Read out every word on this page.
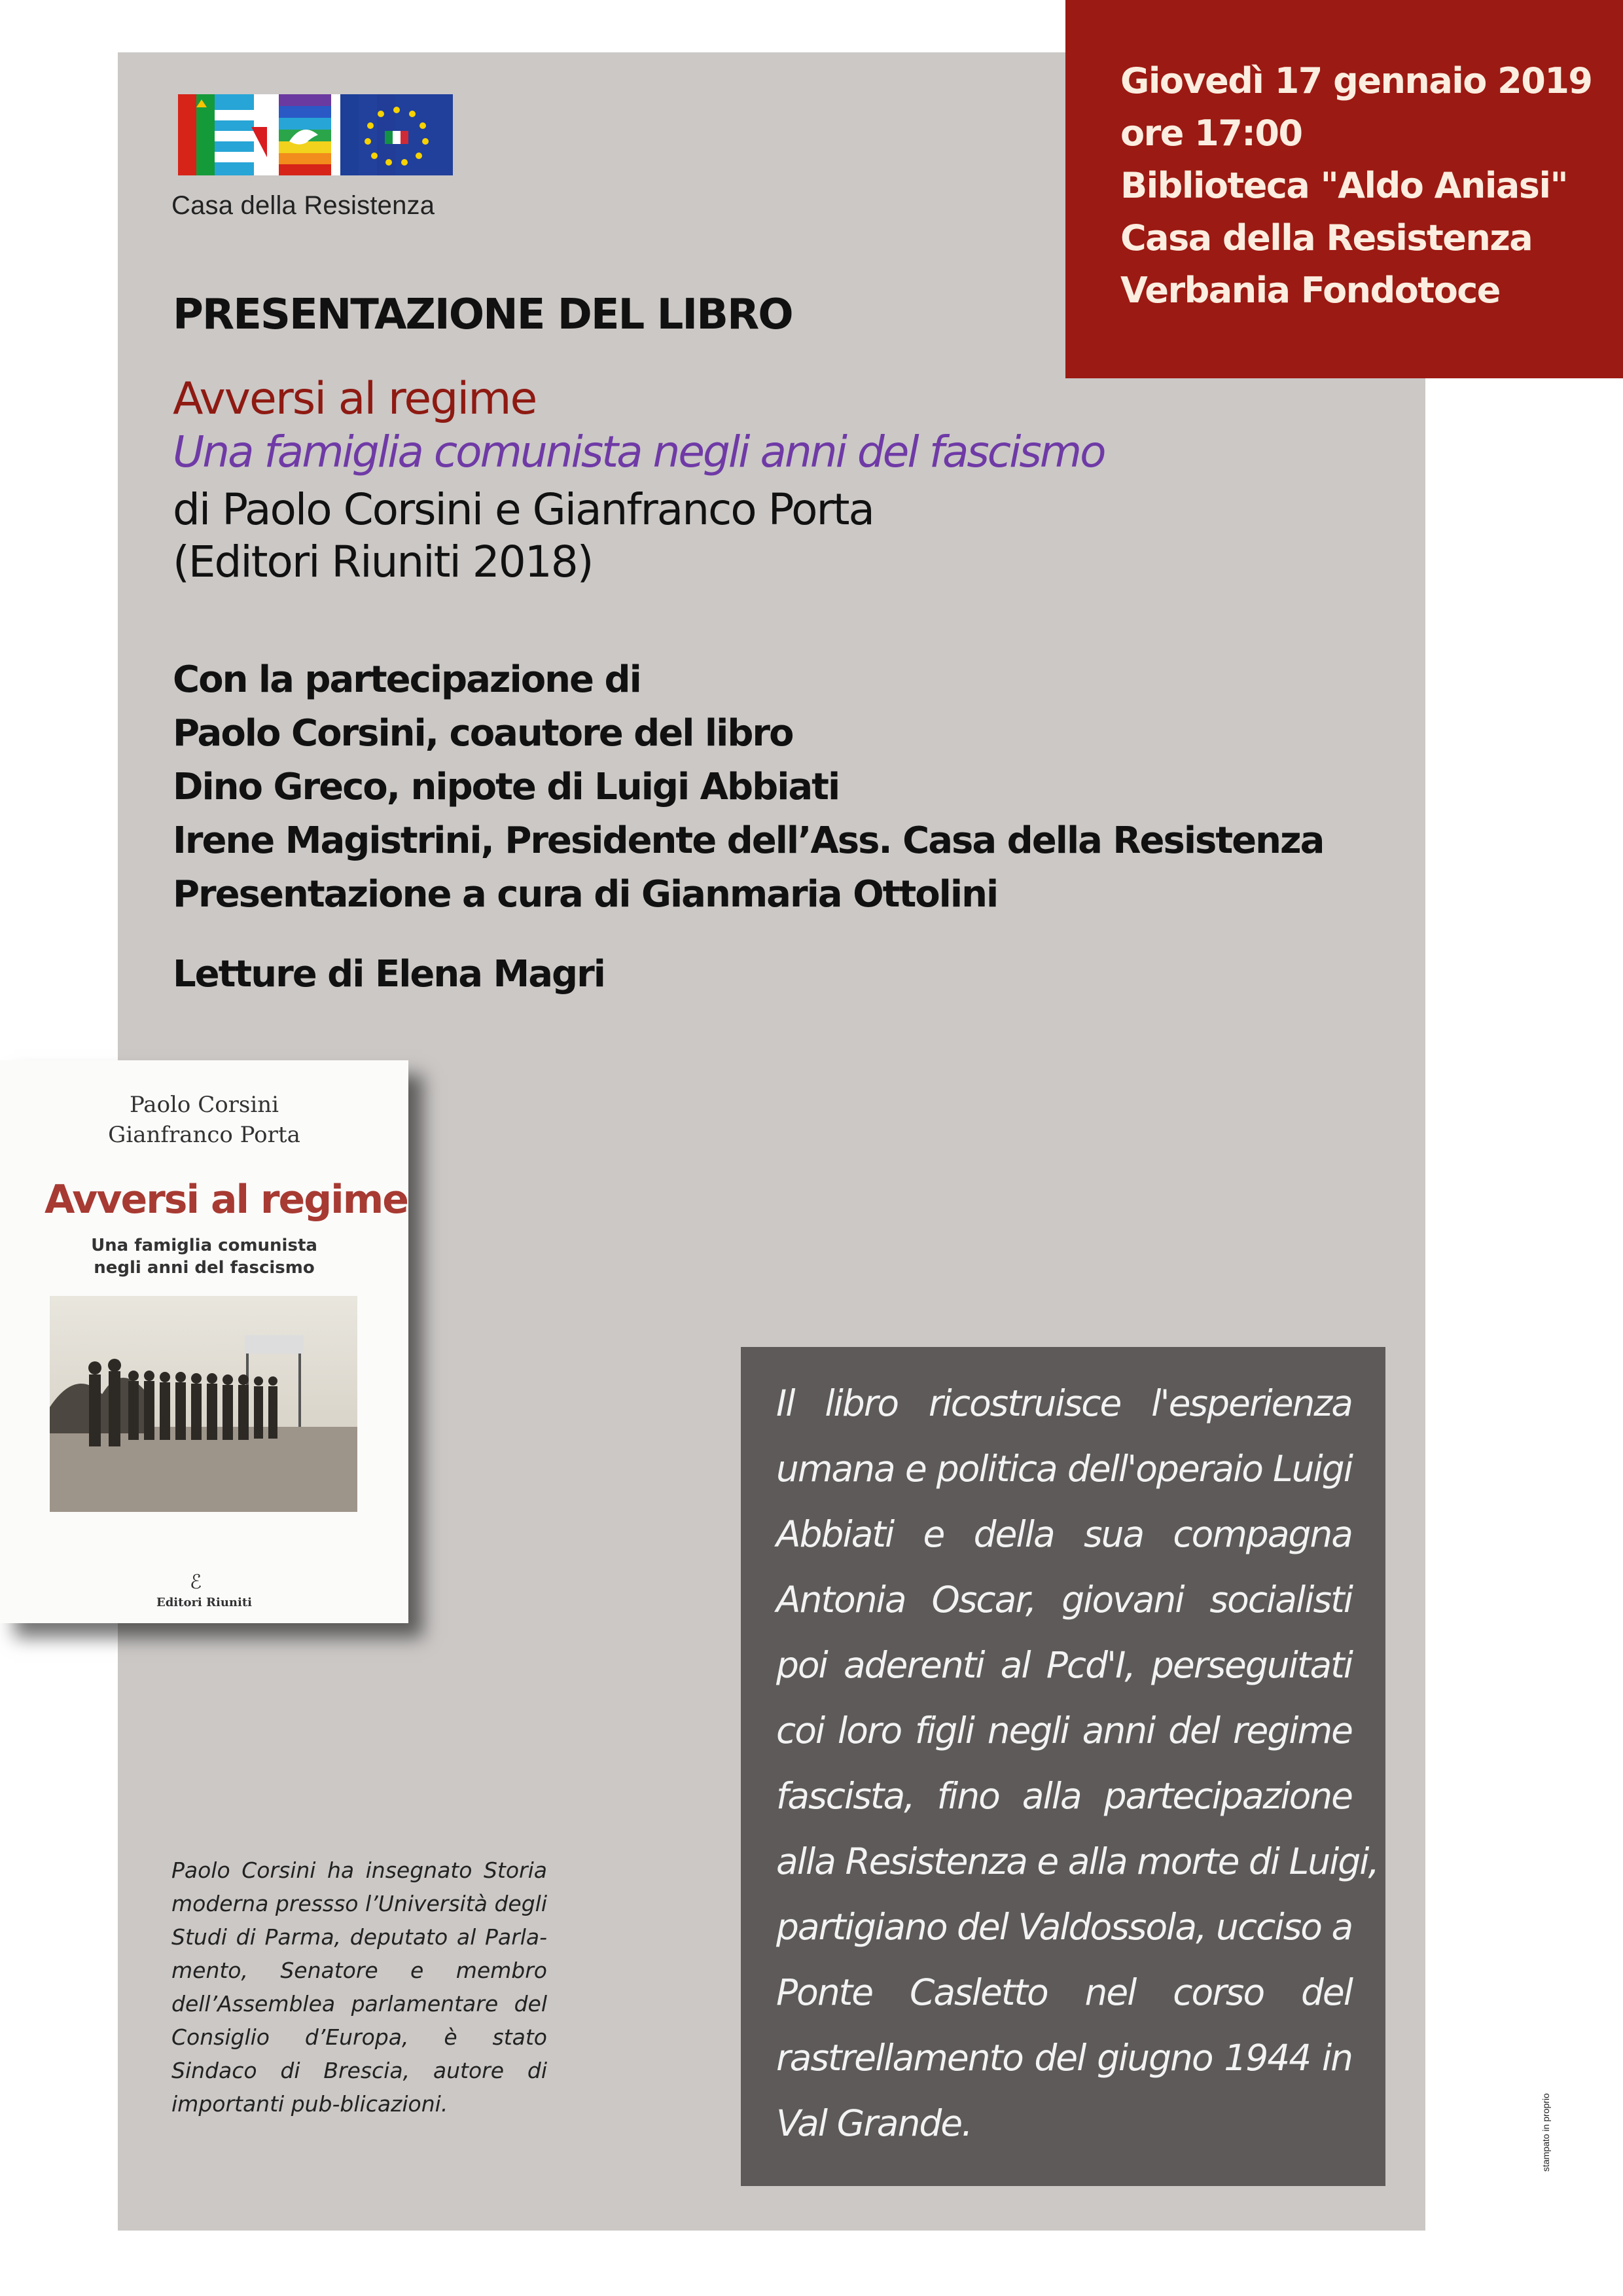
Casa della Resistenza
Giovedì 17 gennaio 2019
ore 17:00
Biblioteca "Aldo Aniasi"
Casa della Resistenza
Verbania Fondotoce
PRESENTAZIONE DEL LIBRO
Avversi al regime
Una famiglia comunista negli anni del fascismo
di Paolo Corsini e Gianfranco Porta
(Editori Riuniti 2018)
Con la partecipazione di
Paolo Corsini, coautore del libro
Dino Greco, nipote di Luigi Abbiati
Irene Magistrini, Presidente dell’Ass. Casa della Resistenza
Presentazione a cura di Gianmaria Ottolini
Letture di Elena Magri
Paolo Corsini
Gianfranco Porta
Avversi al regime
Una famiglia comunista
negli anni del fascismo
ℰ
Editori Riuniti
Paolo Corsini ha insegnato Storia moderna pressso l’Università degli Studi di Parma, deputato al Parla-mento, Senatore e membro dell’Assemblea parlamentare del Consiglio d’Europa, è stato Sindaco di Brescia, autore di importanti pub-blicazioni.
Il libro ricostruisce l'esperienza
umana e politica dell'operaio Luigi
Abbiati e della sua compagna
Antonia Oscar, giovani socialisti
poi aderenti al Pcd'I, perseguitati
coi loro figli negli anni del regime
fascista, fino alla partecipazione
alla Resistenza e alla morte di Luigi,
partigiano del Valdossola, ucciso a
Ponte Casletto nel corso del
rastrellamento del giugno 1944 in
Val Grande.	stampato in proprio
